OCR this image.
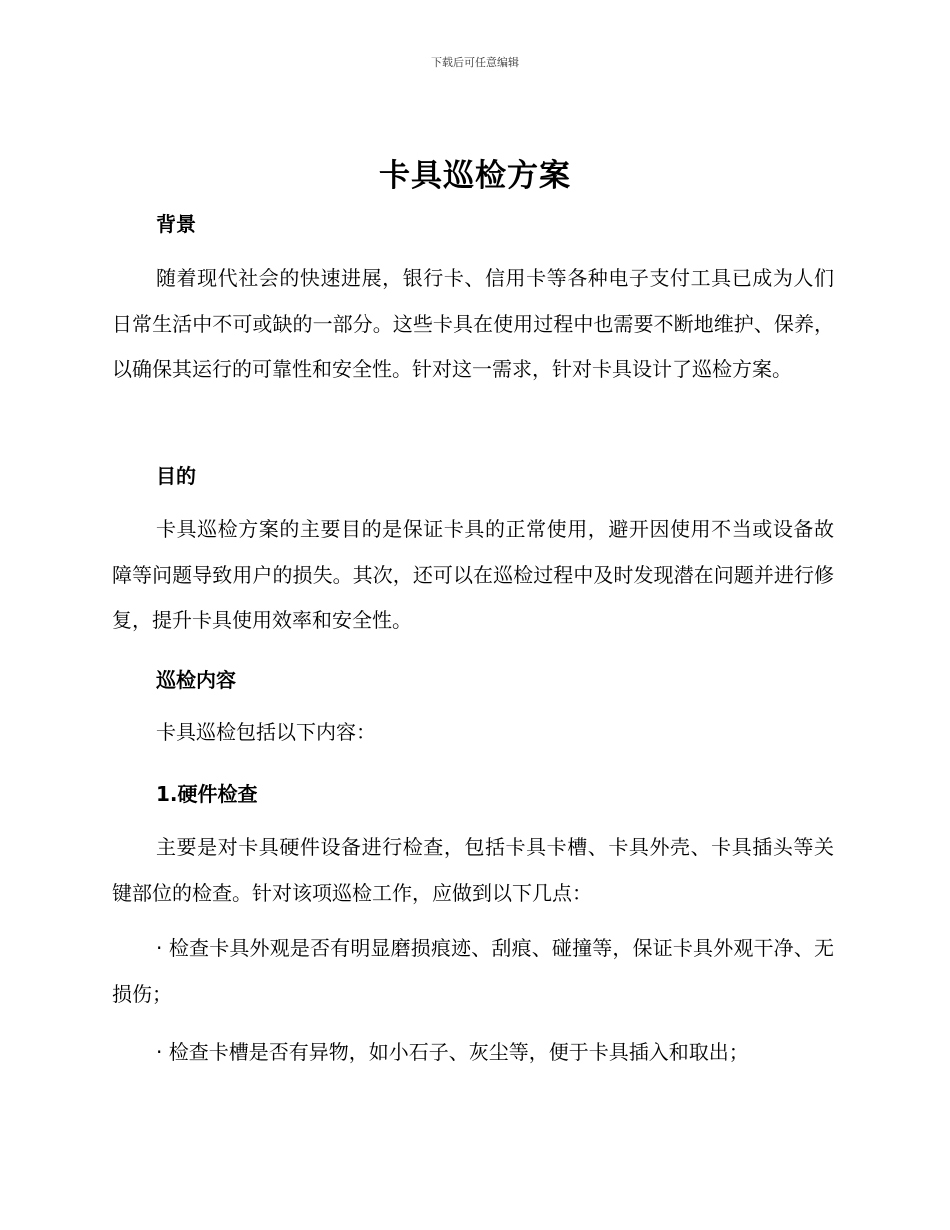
下载后可任意编辑
卡具巡检方案
背景
随着现代社会的快速进展，银行卡、信用卡等各种电子支付工具已成为人们日常生活中不可或缺的一部分。这些卡具在使用过程中也需要不断地维护、保养，以确保其运行的可靠性和安全性。针对这一需求，针对卡具设计了巡检方案。
目的
卡具巡检方案的主要目的是保证卡具的正常使用，避开因使用不当或设备故障等问题导致用户的损失。其次，还可以在巡检过程中及时发现潜在问题并进行修复，提升卡具使用效率和安全性。
巡检内容
卡具巡检包括以下内容：
1.硬件检查
主要是对卡具硬件设备进行检查，包括卡具卡槽、卡具外壳、卡具插头等关键部位的检查。针对该项巡检工作，应做到以下几点：
· 检查卡具外观是否有明显磨损痕迹、刮痕、碰撞等，保证卡具外观干净、无损伤；
· 检查卡槽是否有异物，如小石子、灰尘等，便于卡具插入和取出；
